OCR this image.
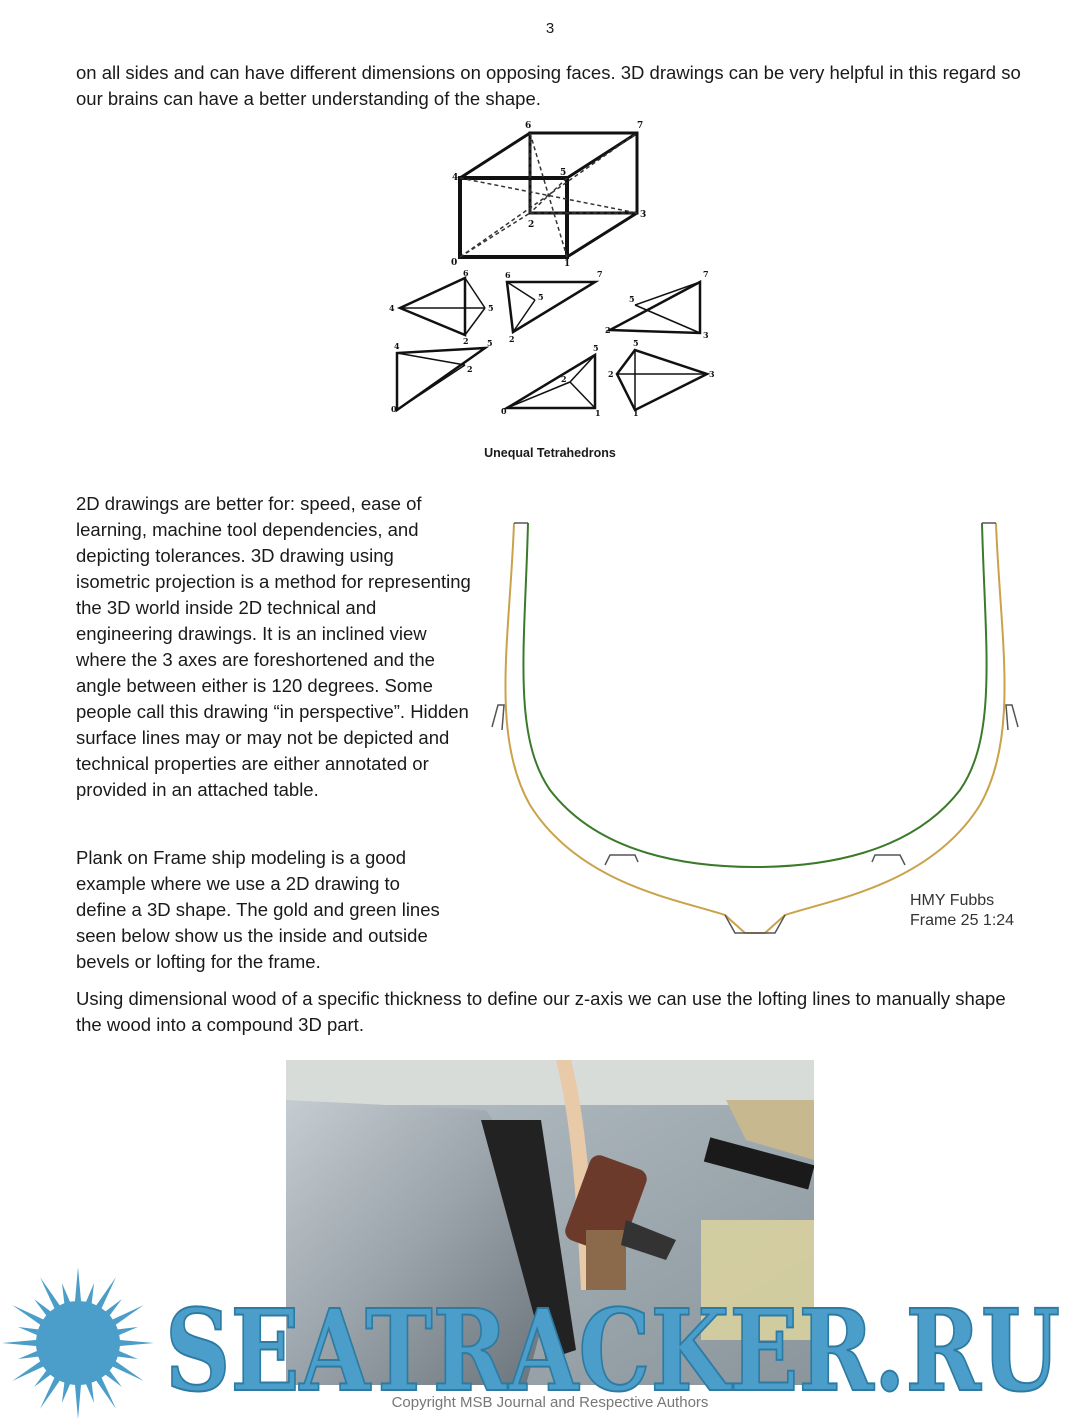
3

on all sides and can have different dimensions on opposing faces. 3D drawings can be very helpful in this regard so our brains can have a better understanding of the shape.

0	1
2
3
4	5
6	7
4
6
5
2
6	7
5
2
7
5
2	3
4	5
2
0
5
2
0	1
5
2	3
1
Unequal Tetrahedrons

2D drawings are better for: speed, ease of learning, machine tool dependencies, and depicting tolerances. 3D drawing using isometric projection is a method for representing the 3D world inside 2D technical and engineering drawings. It is an inclined view where the 3 axes are foreshortened and the angle between either is 120 degrees. Some people call this drawing “in perspective”. Hidden surface lines may or may not be depicted and technical properties are either annotated or provided in an attached table.

Plank on Frame ship modeling is a good example where we use a 2D drawing to define a 3D shape. The gold and green lines seen below show us the inside and outside bevels or lofting for the frame.

HMY Fubbs
Frame 25 1:24

Using dimensional wood of a specific thickness to define our z-axis we can use the lofting lines to manually shape the wood into a compound 3D part.

SEATRACKER.RU
Copyright MSB Journal and Respective Authors
